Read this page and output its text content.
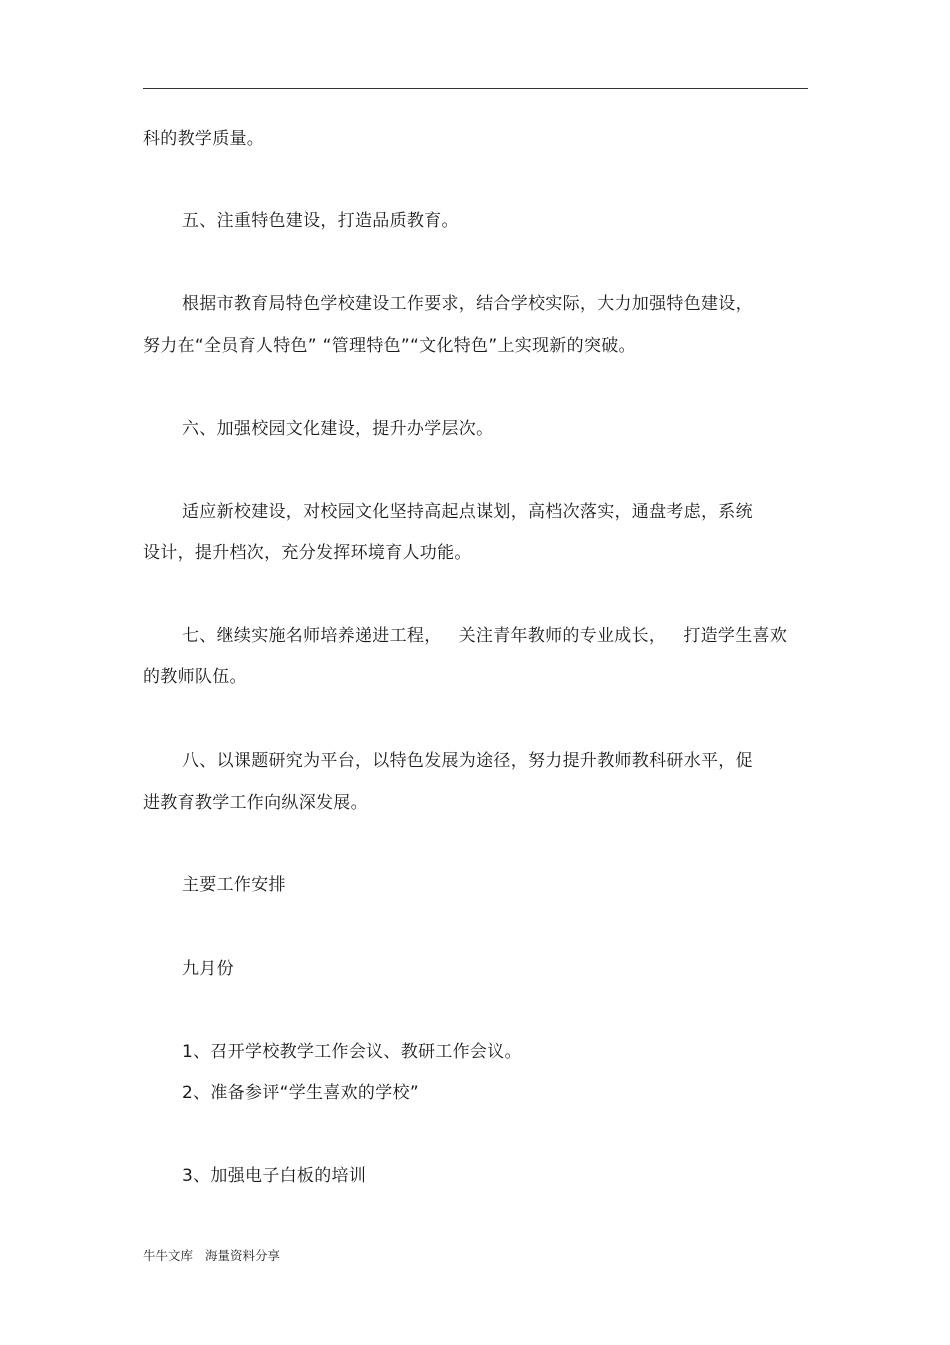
科的教学质量。
五、注重特色建设，打造品质教育。
根据市教育局特色学校建设工作要求，结合学校实际，大力加强特色建设，
努力在“全员育人特色” “管理特色”“文化特色”上实现新的突破。
六、加强校园文化建设，提升办学层次。
适应新校建设，对校园文化坚持高起点谋划，高档次落实，通盘考虑，系统
设计，提升档次，充分发挥环境育人功能。
七、继续实施名师培养递进工程，   关注青年教师的专业成长，   打造学生喜欢
的教师队伍。
八、以课题研究为平台，以特色发展为途径，努力提升教师教科研水平，促
进教育教学工作向纵深发展。
主要工作安排
九月份
1、召开学校教学工作会议、教研工作会议。
2、准备参评“学生喜欢的学校”
3、加强电子白板的培训
牛牛文库 海量资料分享
